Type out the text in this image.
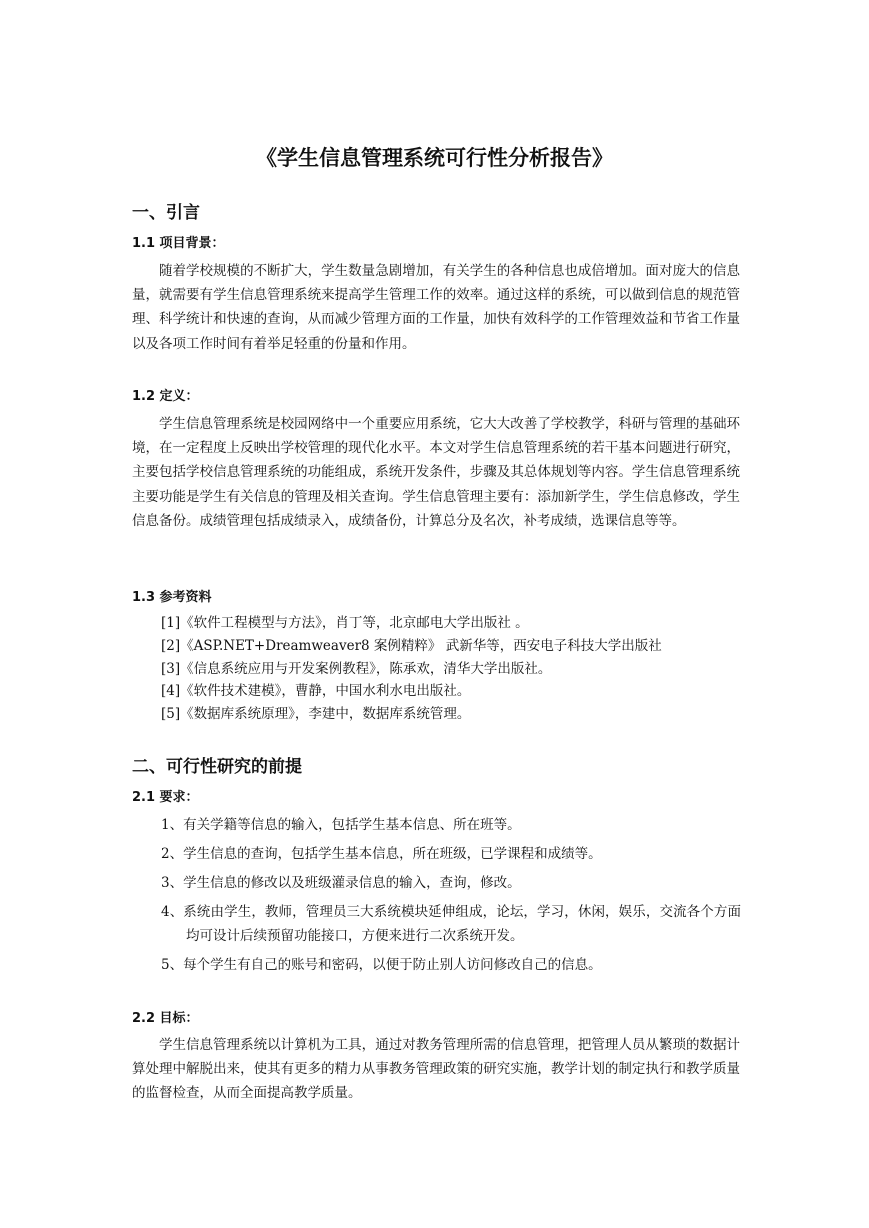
《学生信息管理系统可行性分析报告》
一、引言
1.1 项目背景：

随着学校规模的不断扩大，学生数量急剧增加，有关学生的各种信息也成倍增加。面对庞大的信息量，就需要有学生信息管理系统来提高学生管理工作的效率。通过这样的系统，可以做到信息的规范管理、科学统计和快速的查询，从而减少管理方面的工作量，加快有效科学的工作管理效益和节省工作量以及各项工作时间有着举足轻重的份量和作用。

1.2 定义：

学生信息管理系统是校园网络中一个重要应用系统，它大大改善了学校教学，科研与管理的基础环境，在一定程度上反映出学校管理的现代化水平。本文对学生信息管理系统的若干基本问题进行研究，主要包括学校信息管理系统的功能组成，系统开发条件，步骤及其总体规划等内容。学生信息管理系统主要功能是学生有关信息的管理及相关查询。学生信息管理主要有：添加新学生，学生信息修改，学生信息备份。成绩管理包括成绩录入，成绩备份，计算总分及名次，补考成绩，选课信息等等。

1.3 参考资料
[1]《软件工程模型与方法》，肖丁等，北京邮电大学出版社 。
[2]《ASP.NET+Dreamweaver8 案例精粹》 武新华等，西安电子科技大学出版社
[3]《信息系统应用与开发案例教程》，陈承欢，清华大学出版社。
[4]《软件技术建模》，曹静，中国水利水电出版社。
[5]《数据库系统原理》，李建中，数据库系统管理。
二、可行性研究的前提
2.1 要求：
1、有关学籍等信息的输入，包括学生基本信息、所在班等。
2、学生信息的查询，包括学生基本信息，所在班级，已学课程和成绩等。
3、学生信息的修改以及班级灌录信息的输入，查询，修改。
4、系统由学生，教师，管理员三大系统模块延伸组成，论坛，学习，休闲，娱乐，交流各个方面均可设计后续预留功能接口，方便来进行二次系统开发。
5、每个学生有自己的账号和密码，以便于防止别人访问修改自己的信息。
2.2 目标：

学生信息管理系统以计算机为工具，通过对教务管理所需的信息管理，把管理人员从繁琐的数据计算处理中解脱出来，使其有更多的精力从事教务管理政策的研究实施，教学计划的制定执行和教学质量的监督检查，从而全面提高教学质量。
